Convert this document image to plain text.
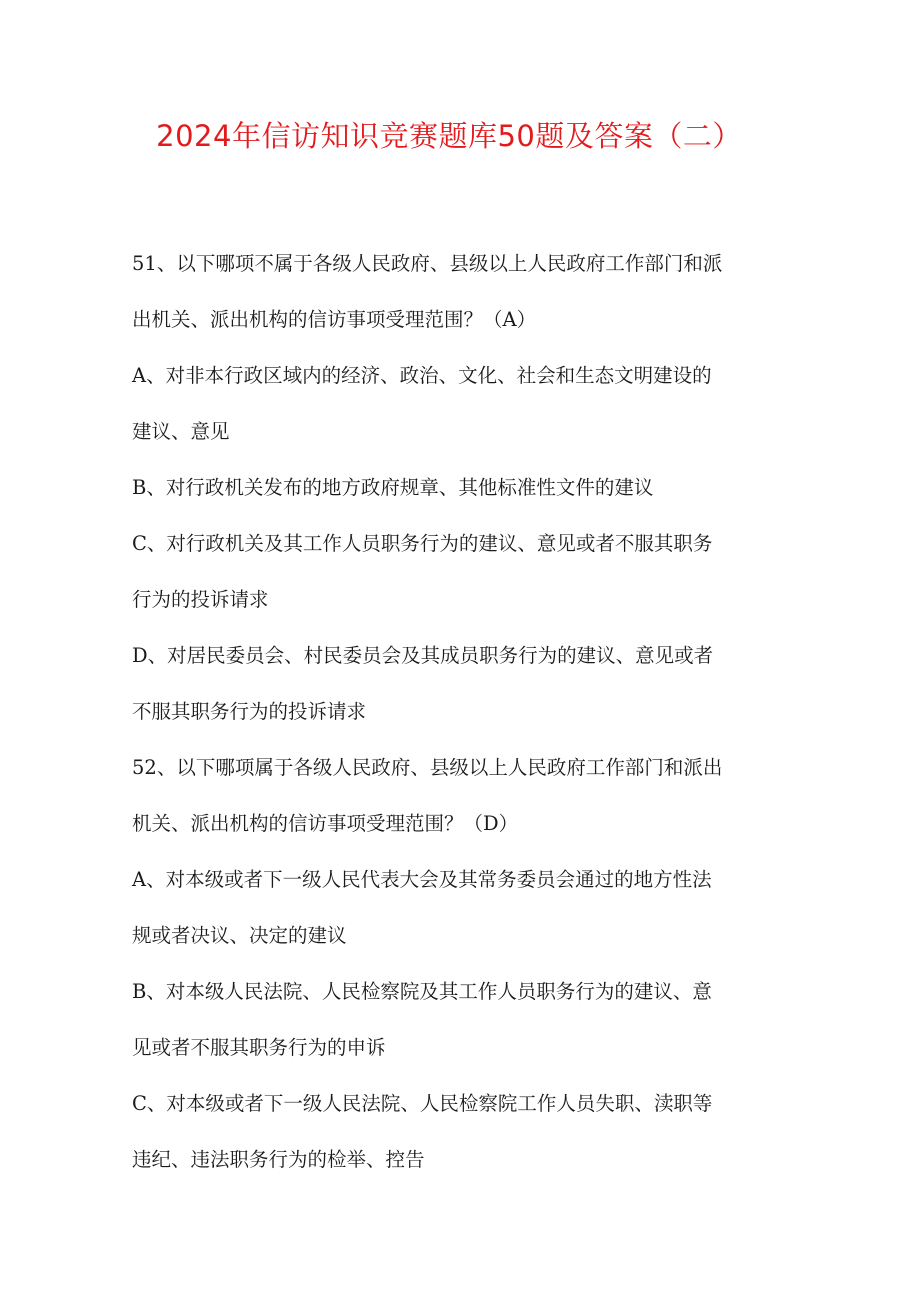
2024年信访知识竞赛题库50题及答案（二）
51、以下哪项不属于各级人民政府、县级以上人民政府工作部门和派
出机关、派出机构的信访事项受理范围？（A）
A、对非本行政区域内的经济、政治、文化、社会和生态文明建设的
建议、意见
B、对行政机关发布的地方政府规章、其他标准性文件的建议
C、对行政机关及其工作人员职务行为的建议、意见或者不服其职务
行为的投诉请求
D、对居民委员会、村民委员会及其成员职务行为的建议、意见或者
不服其职务行为的投诉请求
52、以下哪项属于各级人民政府、县级以上人民政府工作部门和派出
机关、派出机构的信访事项受理范围？（D）
A、对本级或者下一级人民代表大会及其常务委员会通过的地方性法
规或者决议、决定的建议
B、对本级人民法院、人民检察院及其工作人员职务行为的建议、意
见或者不服其职务行为的申诉
C、对本级或者下一级人民法院、人民检察院工作人员失职、渎职等
违纪、违法职务行为的检举、控告
